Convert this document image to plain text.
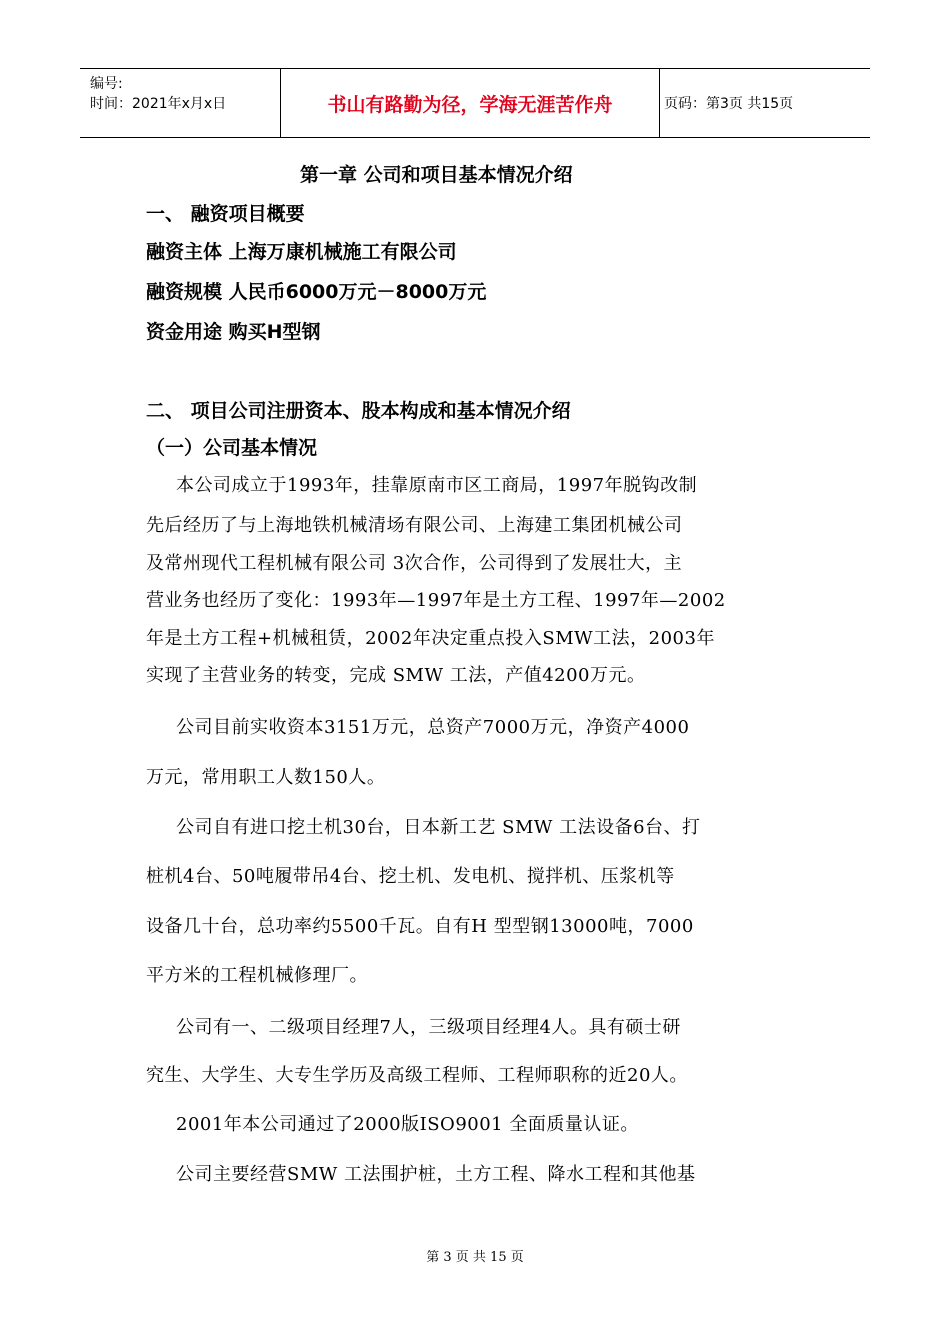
编号:
时间：2021年x月x日	书山有路勤为径，学海无涯苦作舟	页码：第3页 共15页
第一章 公司和项目基本情况介绍
一、 融资项目概要
融资主体 上海万康机械施工有限公司
融资规模 人民币6000万元－8000万元
资金用途 购买H型钢
二、 项目公司注册资本、股本构成和基本情况介绍
（一）公司基本情况
本公司成立于1993年，挂靠原南市区工商局，1997年脱钩改制
先后经历了与上海地铁机械清场有限公司、上海建工集团机械公司
及常州现代工程机械有限公司 3次合作，公司得到了发展壮大，主
营业务也经历了变化：1993年—1997年是土方工程、1997年—2002
年是土方工程+机械租赁，2002年决定重点投入SMW工法，2003年
实现了主营业务的转变，完成 SMW 工法，产值4200万元。
公司目前实收资本3151万元，总资产7000万元，净资产4000
万元，常用职工人数150人。
公司自有进口挖土机30台，日本新工艺 SMW 工法设备6台、打
桩机4台、50吨履带吊4台、挖土机、发电机、搅拌机、压浆机等
设备几十台，总功率约5500千瓦。自有H 型型钢13000吨，7000
平方米的工程机械修理厂。
公司有一、二级项目经理7人，三级项目经理4人。具有硕士研
究生、大学生、大专生学历及高级工程师、工程师职称的近20人。
2001年本公司通过了2000版ISO9001 全面质量认证。
公司主要经营SMW 工法围护桩，土方工程、降水工程和其他基
第 3 页 共 15 页
